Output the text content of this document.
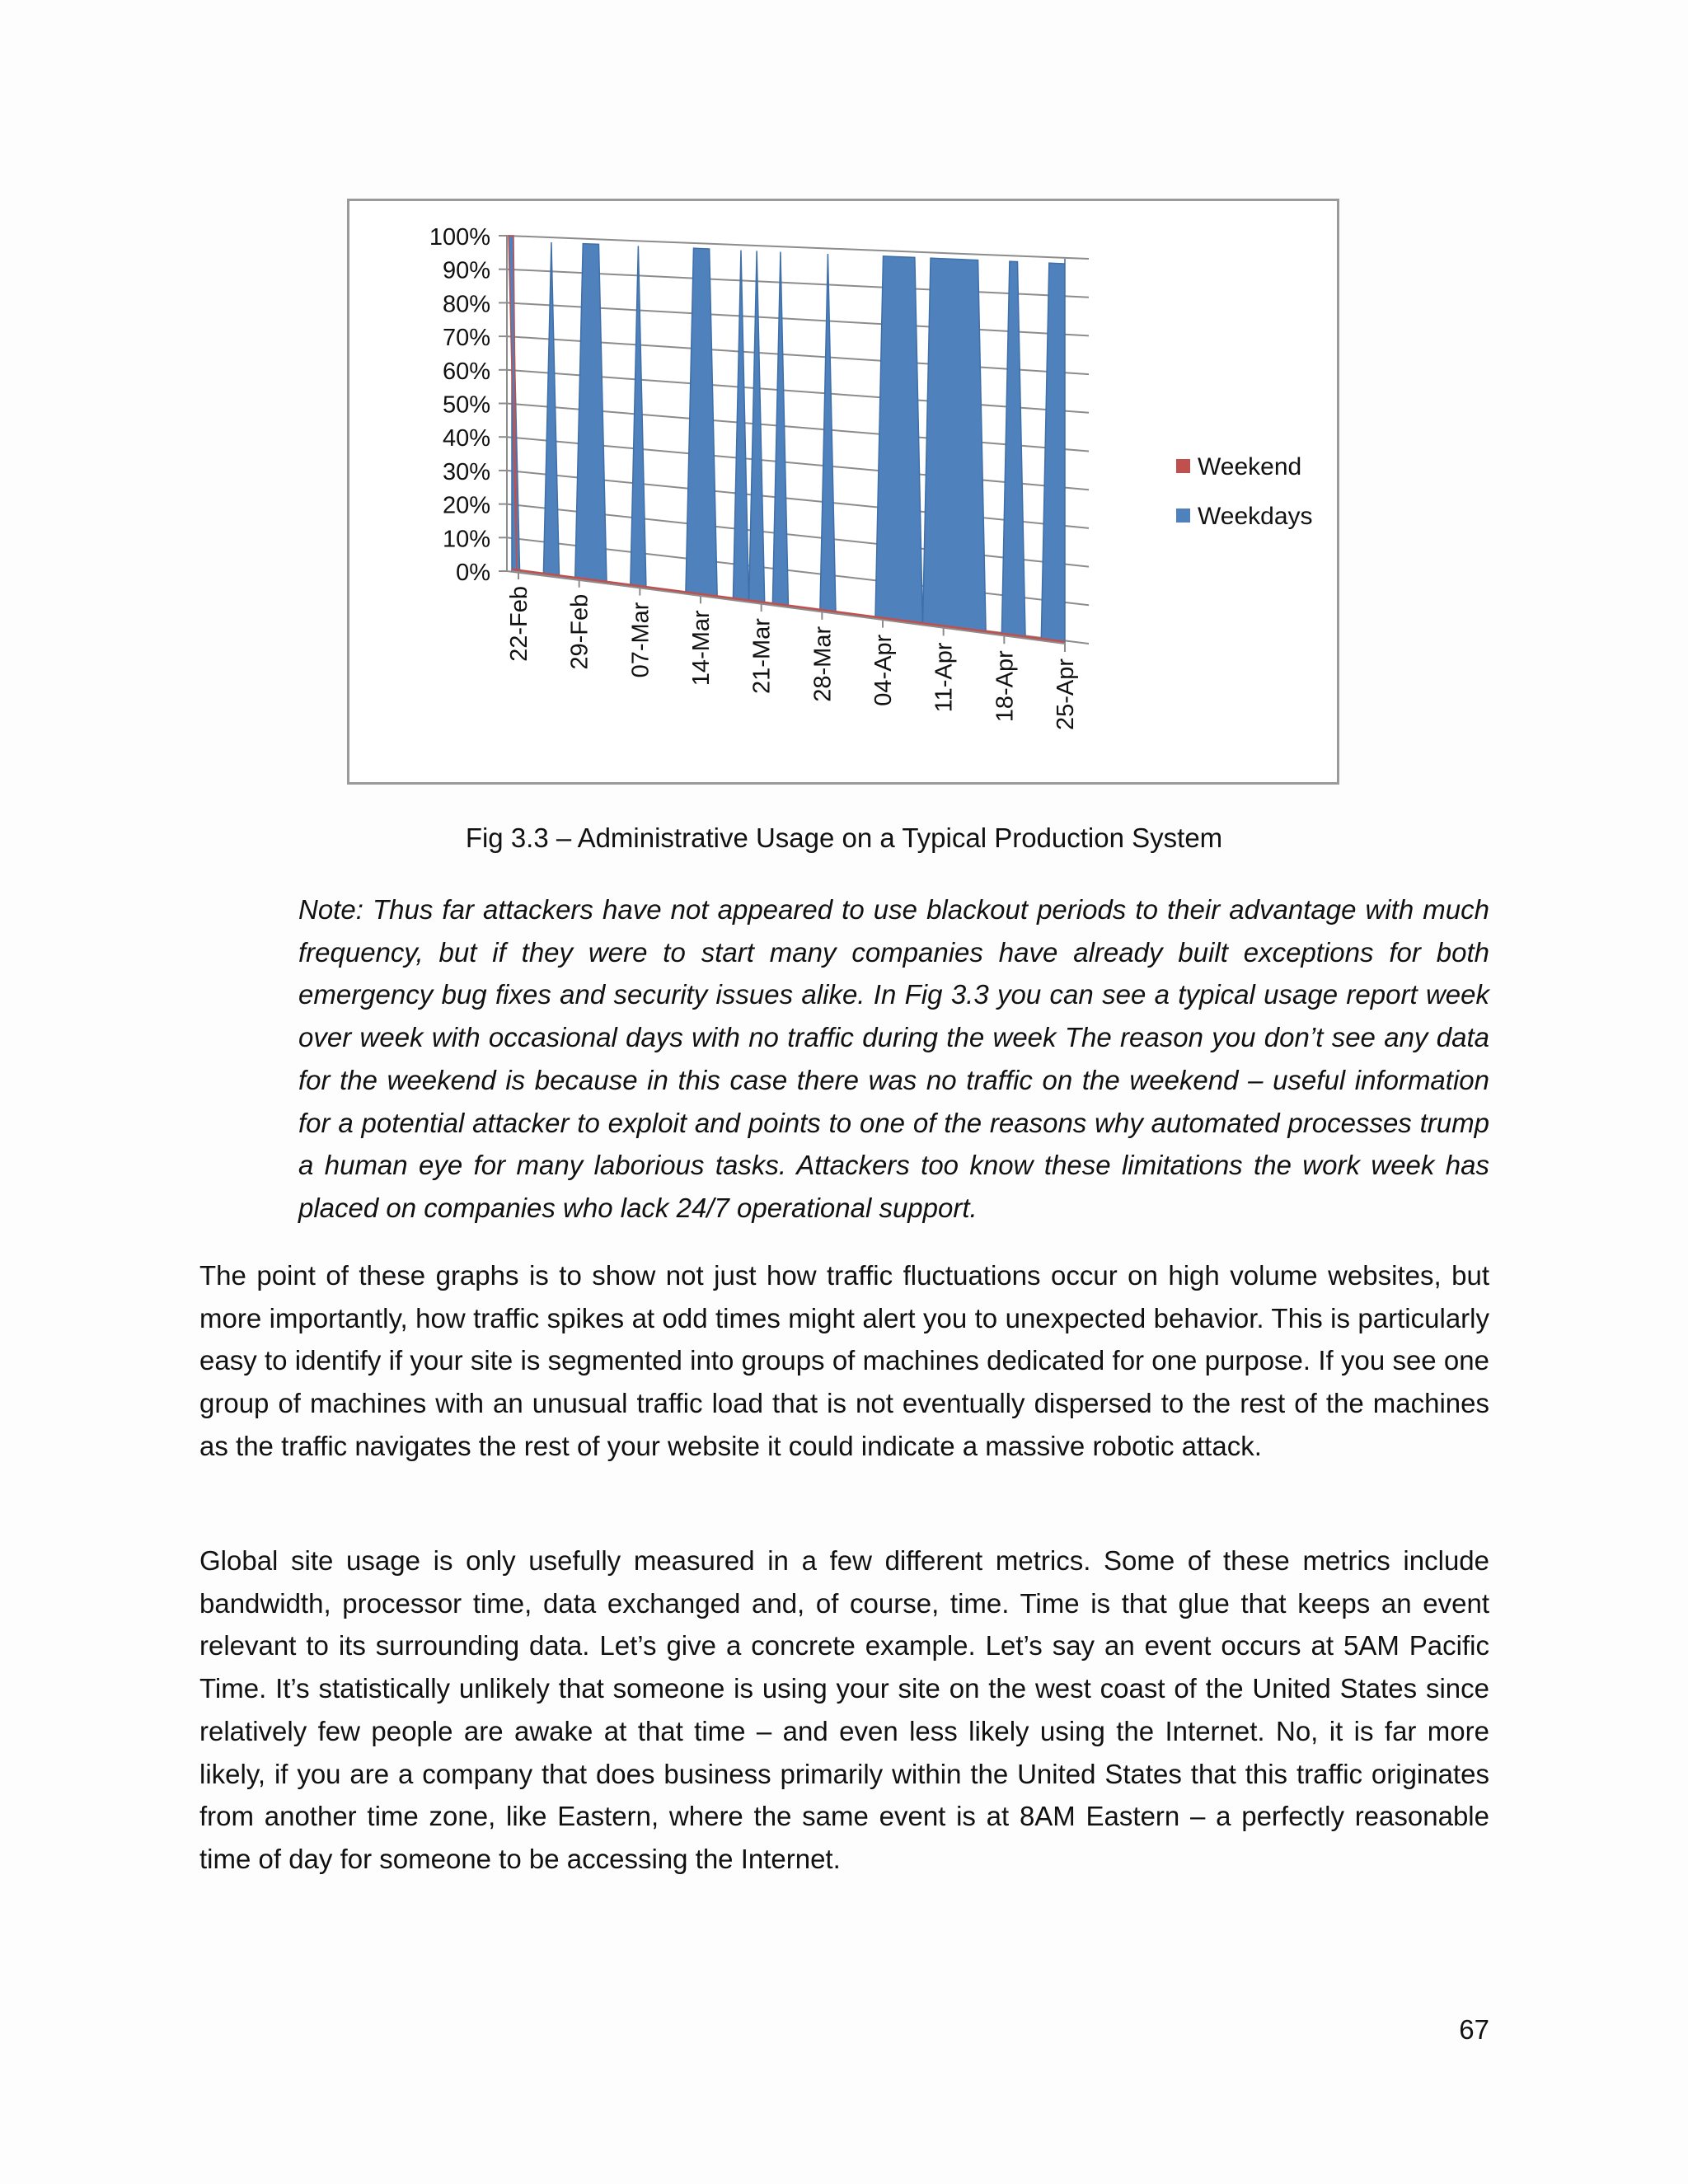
100%
90%
80%
70%
60%
50%
40%
30%
20%
10%
0%
22-Feb 29-Feb 07-Mar 14-Mar 21-Mar 28-Mar 04-Apr 11-Apr 18-Apr 25-Apr
Weekend
Weekdays
Fig 3.3 – Administrative Usage on a Typical Production System

Note: Thus far attackers have not appeared to use blackout periods to their advantage with much frequency, but if they were to start many companies have already built exceptions for both emergency bug fixes and security issues alike. In Fig 3.3 you can see a typical usage report week over week with occasional days with no traffic during the week The reason you don’t see any data for the weekend is because in this case there was no traffic on the weekend – useful information for a potential attacker to exploit and points to one of the reasons why automated processes trump a human eye for many laborious tasks. Attackers too know these limitations the work week has placed on companies who lack 24/7 operational support.

The point of these graphs is to show not just how traffic fluctuations occur on high volume websites, but more importantly, how traffic spikes at odd times might alert you to unexpected behavior. This is particularly easy to identify if your site is segmented into groups of machines dedicated for one purpose. If you see one group of machines with an unusual traffic load that is not eventually dispersed to the rest of the machines as the traffic navigates the rest of your website it could indicate a massive robotic attack.

Global site usage is only usefully measured in a few different metrics. Some of these metrics include bandwidth, processor time, data exchanged and, of course, time. Time is that glue that keeps an event relevant to its surrounding data. Let’s give a concrete example. Let’s say an event occurs at 5AM Pacific Time. It’s statistically unlikely that someone is using your site on the west coast of the United States since relatively few people are awake at that time – and even less likely using the Internet. No, it is far more likely, if you are a company that does business primarily within the United States that this traffic originates from another time zone, like Eastern, where the same event is at 8AM Eastern – a perfectly reasonable time of day for someone to be accessing the Internet.

67
